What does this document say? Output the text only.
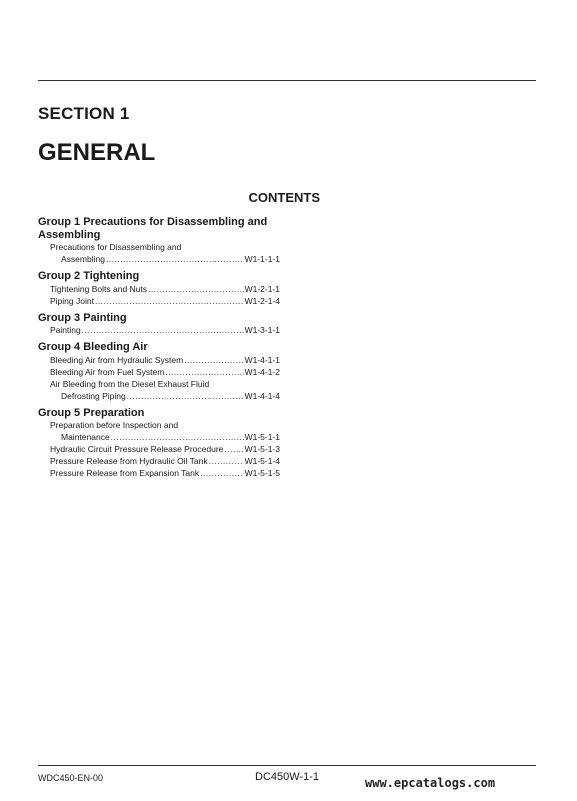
SECTION 1
GENERAL
CONTENTS
Group 1 Precautions for Disassembling and Assembling
Precautions for Disassembling and
Assembling .....	W1-1-1-1
Group 2 Tightening
Tightening Bolts and Nuts .....	W1-2-1-1
Piping Joint .....	W1-2-1-4
Group 3 Painting
Painting .....	W1-3-1-1
Group 4 Bleeding Air
Bleeding Air from Hydraulic System .....	W1-4-1-1
Bleeding Air from Fuel System .....	W1-4-1-2
Air Bleeding from the Diesel Exhaust Fluid
Defrosting Piping .....	W1-4-1-4
Group 5 Preparation
Preparation before Inspection and
Maintenance .....	W1-5-1-1
Hydraulic Circuit Pressure Release Procedure ..... W1-5-1-3
Pressure Release from Hydraulic Oil Tank .....	W1-5-1-4
Pressure Release from Expansion Tank .....	W1-5-1-5
WDC450-EN-00	DC450W-1-1	www.epcatalogs.com
